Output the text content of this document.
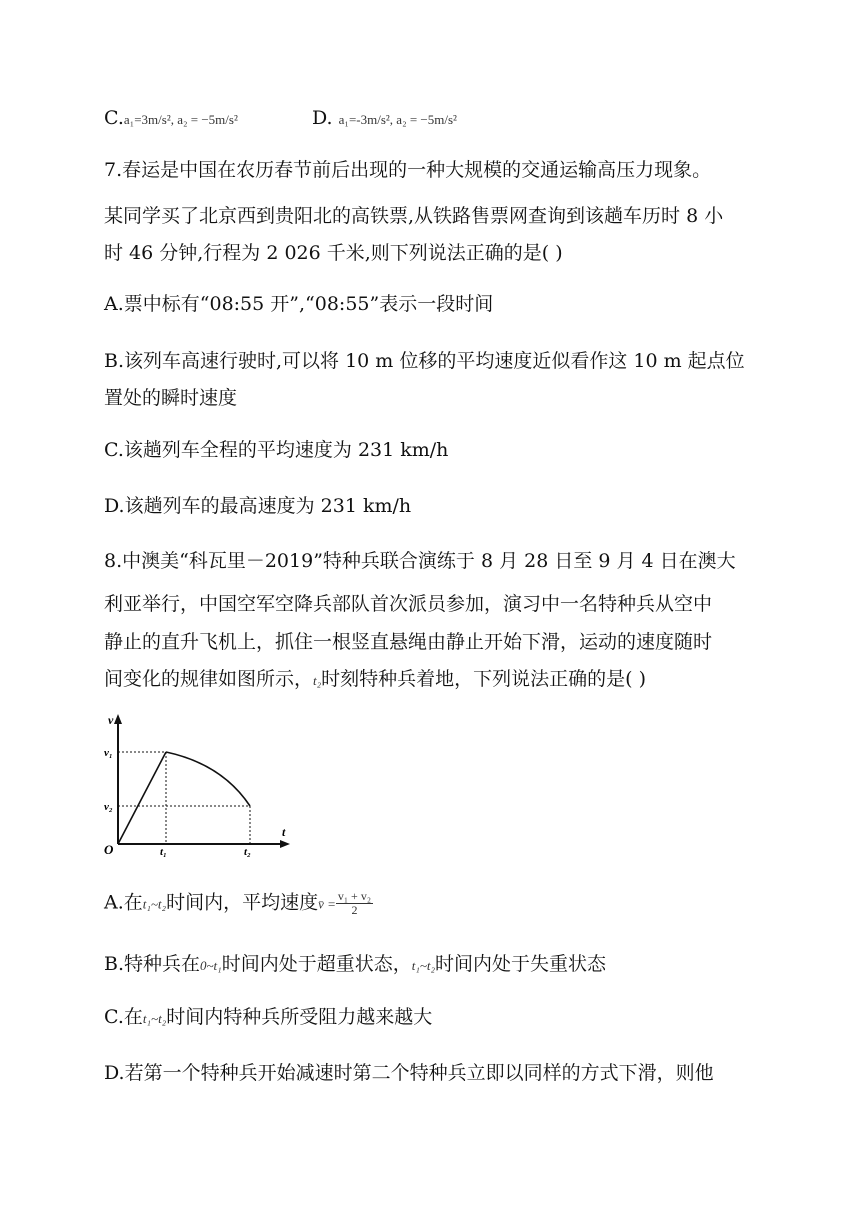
C.a₁=3m/s², a₂ = −5m/s²	D. a₁=-3m/s², a₂ = −5m/s²
7.春运是中国在农历春节前后出现的一种大规模的交通运输高压力现象。
某同学买了北京西到贵阳北的高铁票,从铁路售票网查询到该趟车历时 8 小
时 46 分钟,行程为 2 026 千米,则下列说法正确的是( )
A.票中标有“08:55 开”,“08:55”表示一段时间
B.该列车高速行驶时,可以将 10 m 位移的平均速度近似看作这 10 m 起点位
置处的瞬时速度
C.该趟列车全程的平均速度为 231 km/h
D.该趟列车的最高速度为 231 km/h
8.中澳美“科瓦里－2019”特种兵联合演练于 8 月 28 日至 9 月 4 日在澳大
利亚举行，中国空军空降兵部队首次派员参加，演习中一名特种兵从空中
静止的直升飞机上，抓住一根竖直悬绳由静止开始下滑，运动的速度随时
间变化的规律如图所示，t₂时刻特种兵着地，下列说法正确的是( )
v
t
O
v₁
v₂
t₁	t₂
A.在t₁~t₂时间内，平均速度v̄ = $\frac{\text{v₁ + v₂}}{2}$
B.特种兵在0~t₁时间内处于超重状态，t₁~t₂时间内处于失重状态
C.在t₁~t₂时间内特种兵所受阻力越来越大
D.若第一个特种兵开始减速时第二个特种兵立即以同样的方式下滑，则他
